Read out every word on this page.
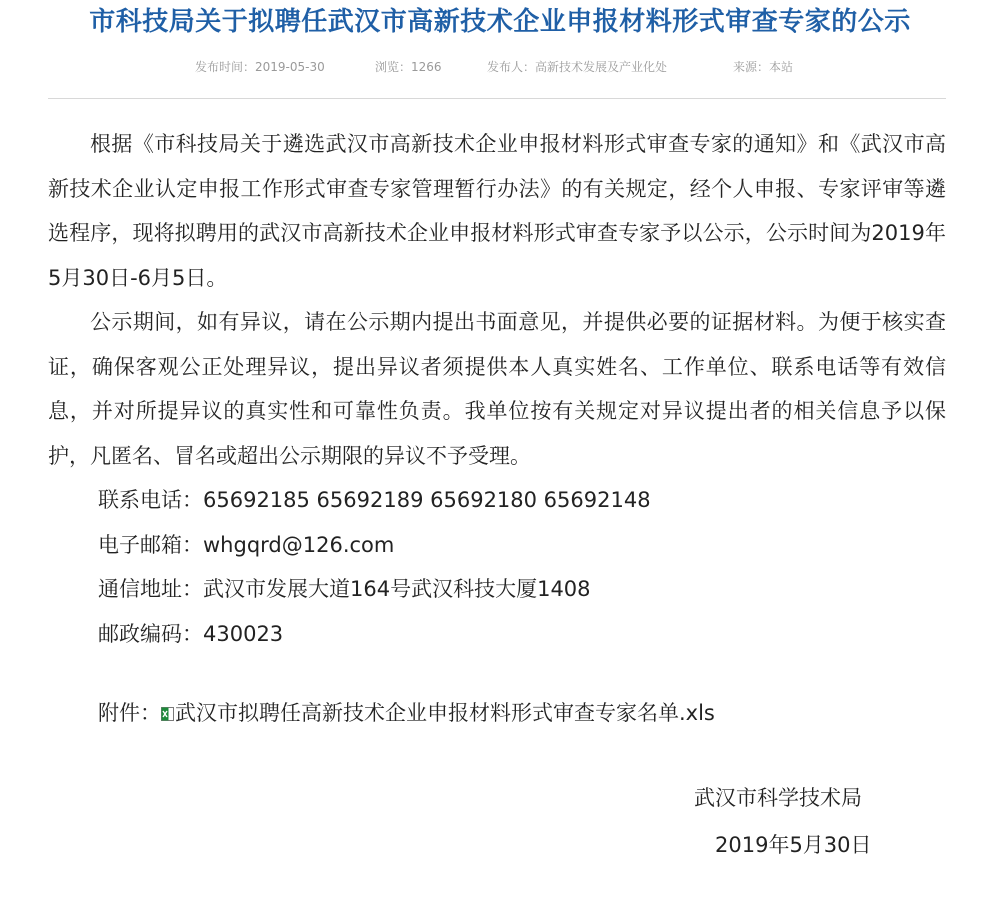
市科技局关于拟聘任武汉市高新技术企业申报材料形式审查专家的公示
发布时间：2019-05-30	浏览：1266	发布人：高新技术发展及产业化处	来源：本站

根据《市科技局关于遴选武汉市高新技术企业申报材料形式审查专家的通知》和《武汉市高新技术企业认定申报工作形式审查专家管理暂行办法》的有关规定，经个人申报、专家评审等遴选程序，现将拟聘用的武汉市高新技术企业申报材料形式审查专家予以公示，公示时间为2019年5月30日-6月5日。

公示期间，如有异议，请在公示期内提出书面意见，并提供必要的证据材料。为便于核实查证，确保客观公正处理异议，提出异议者须提供本人真实姓名、工作单位、联系电话等有效信息，并对所提异议的真实性和可靠性负责。我单位按有关规定对异议提出者的相关信息予以保护，凡匿名、冒名或超出公示期限的异议不予受理。

联系电话：65692185 65692189 65692180 65692148

电子邮箱：whgqrd@126.com

通信地址：武汉市发展大道164号武汉科技大厦1408

邮政编码：430023

附件： 武汉市拟聘任高新技术企业申报材料形式审查专家名单.xls
武汉市科学技术局
2019年5月30日
